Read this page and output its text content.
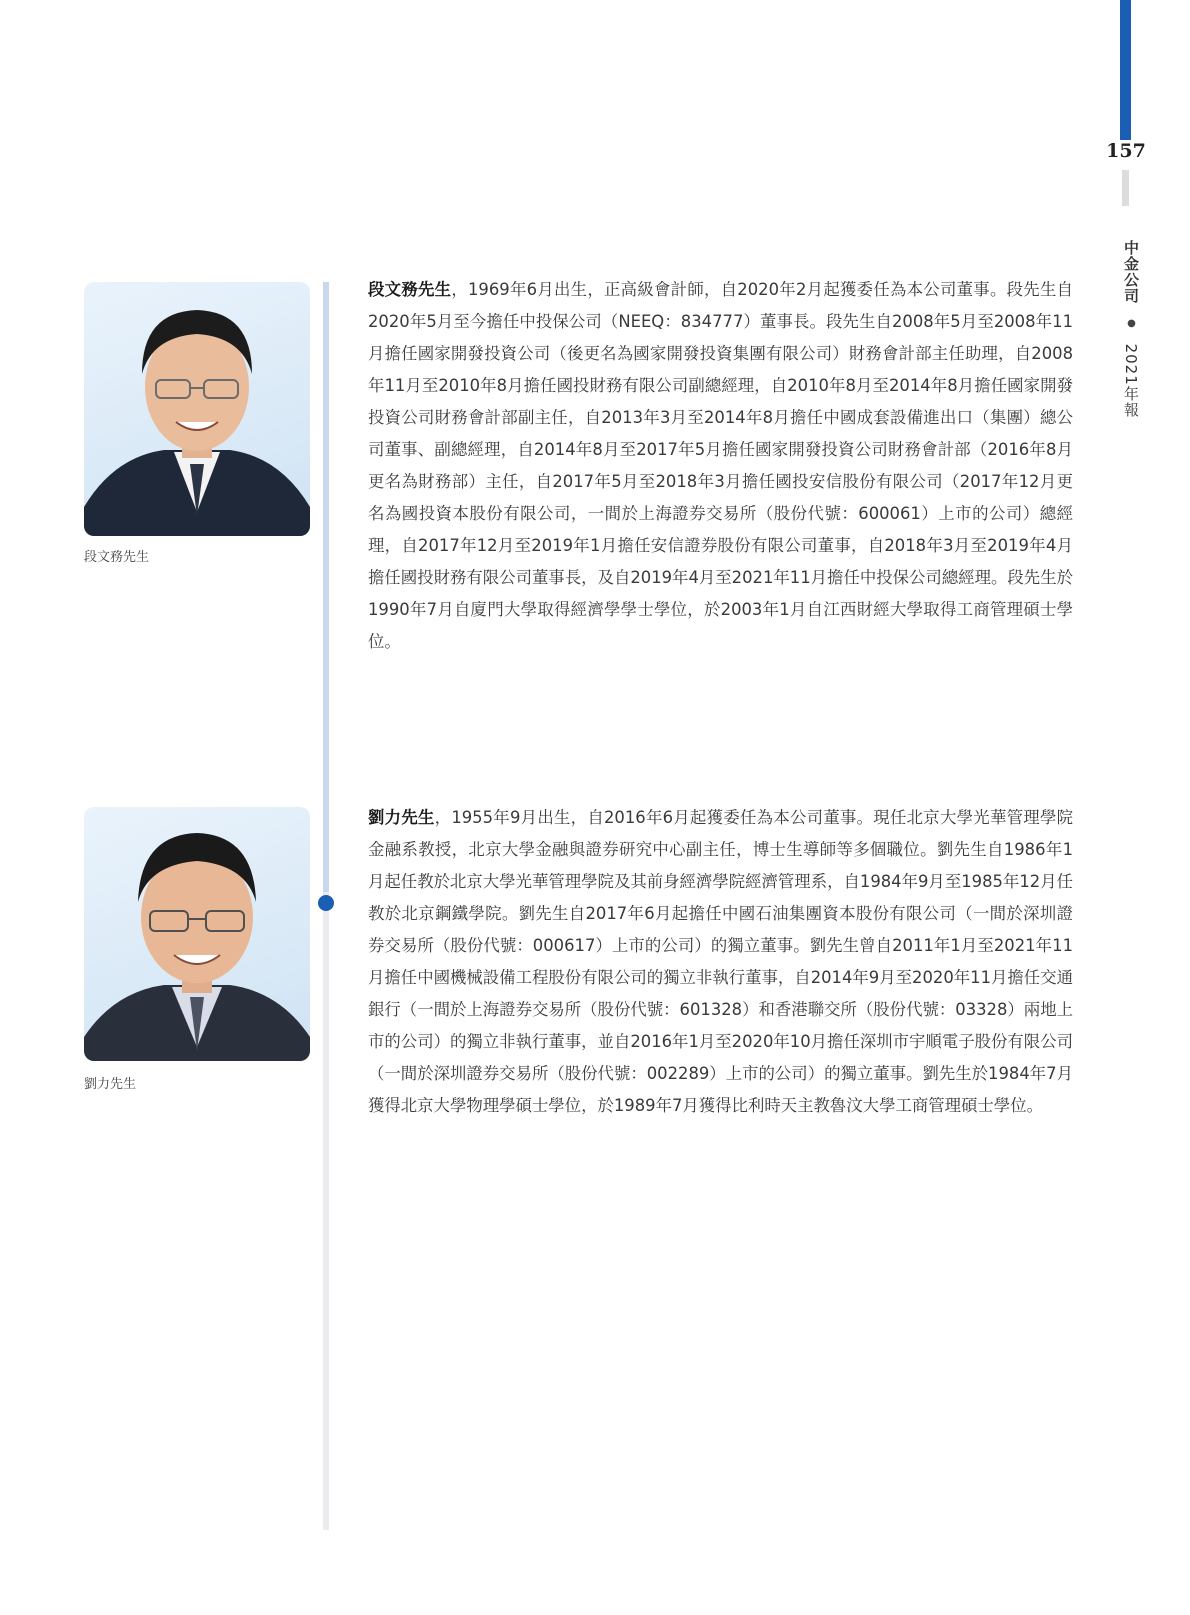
157
中金公司 ● 2021年報
段文務先生

段文務先生，1969年6月出生，正高級會計師，自2020年2月起獲委任為本公司董事。段先生自2020年5月至今擔任中投保公司（NEEQ：834777）董事長。段先生自2008年5月至2008年11月擔任國家開發投資公司（後更名為國家開發投資集團有限公司）財務會計部主任助理，自2008年11月至2010年8月擔任國投財務有限公司副總經理，自2010年8月至2014年8月擔任國家開發投資公司財務會計部副主任，自2013年3月至2014年8月擔任中國成套設備進出口（集團）總公司董事、副總經理，自2014年8月至2017年5月擔任國家開發投資公司財務會計部（2016年8月更名為財務部）主任，自2017年5月至2018年3月擔任國投安信股份有限公司（2017年12月更名為國投資本股份有限公司，一間於上海證券交易所（股份代號：600061）上市的公司）總經理，自2017年12月至2019年1月擔任安信證券股份有限公司董事，自2018年3月至2019年4月擔任國投財務有限公司董事長，及自2019年4月至2021年11月擔任中投保公司總經理。段先生於1990年7月自廈門大學取得經濟學學士學位，於2003年1月自江西財經大學取得工商管理碩士學位。

劉力先生

劉力先生，1955年9月出生，自2016年6月起獲委任為本公司董事。現任北京大學光華管理學院金融系教授，北京大學金融與證券研究中心副主任，博士生導師等多個職位。劉先生自1986年1月起任教於北京大學光華管理學院及其前身經濟學院經濟管理系，自1984年9月至1985年12月任教於北京鋼鐵學院。劉先生自2017年6月起擔任中國石油集團資本股份有限公司（一間於深圳證券交易所（股份代號：000617）上市的公司）的獨立董事。劉先生曾自2011年1月至2021年11月擔任中國機械設備工程股份有限公司的獨立非執行董事，自2014年9月至2020年11月擔任交通銀行（一間於上海證券交易所（股份代號：601328）和香港聯交所（股份代號：03328）兩地上市的公司）的獨立非執行董事，並自2016年1月至2020年10月擔任深圳市宇順電子股份有限公司（一間於深圳證券交易所（股份代號：002289）上市的公司）的獨立董事。劉先生於1984年7月獲得北京大學物理學碩士學位，於1989年7月獲得比利時天主教魯汶大學工商管理碩士學位。
